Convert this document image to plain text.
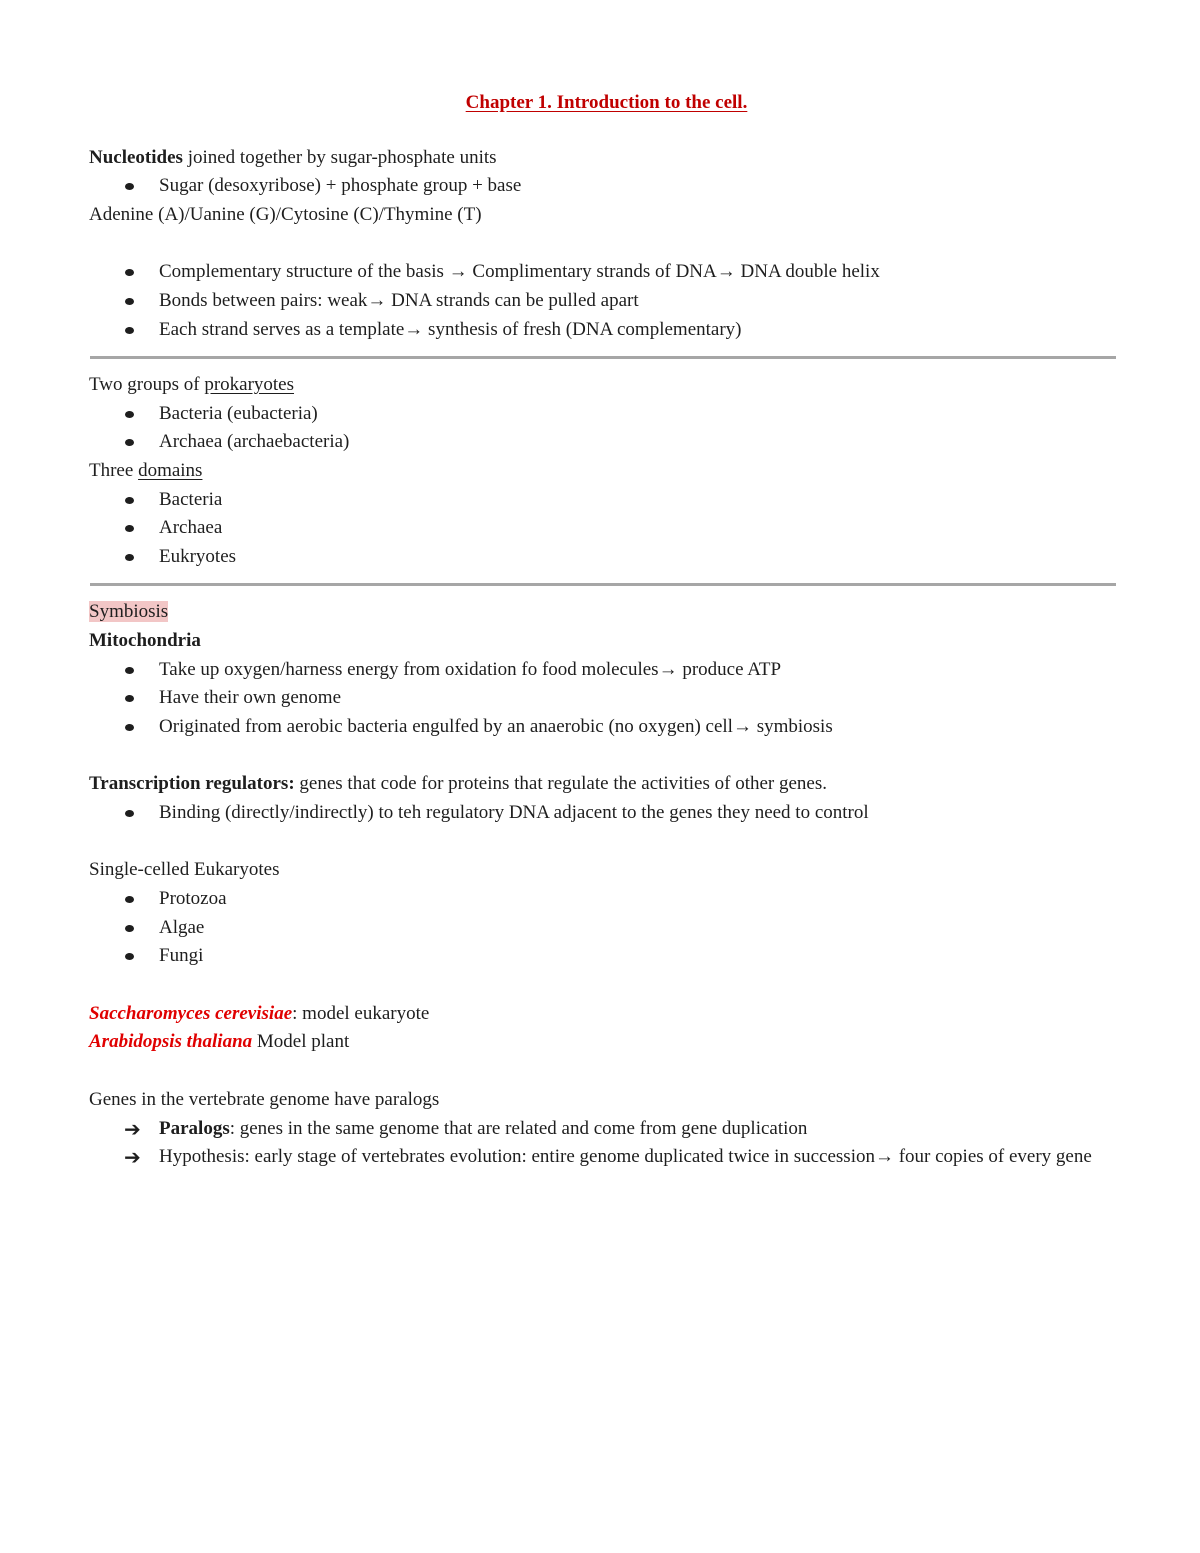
Chapter 1. Introduction to the cell.

Nucleotides joined together by sugar-phosphate units

Sugar (desoxyribose) + phosphate group + base

Adenine (A)/Uanine (G)/Cytosine (C)/Thymine (T)

Complementary structure of the basis → Complimentary strands of DNA→ DNA double helix
Bonds between pairs: weak→ DNA strands can be pulled apart
Each strand serves as a template→ synthesis of fresh (DNA complementary)

Two groups of prokaryotes

Bacteria (eubacteria)
Archaea (archaebacteria)

Three domains

Bacteria
Archaea
Eukryotes

Symbiosis

Mitochondria

Take up oxygen/harness energy from oxidation fo food molecules→ produce ATP
Have their own genome
Originated from aerobic bacteria engulfed by an anaerobic (no oxygen) cell→ symbiosis

Transcription regulators: genes that code for proteins that regulate the activities of other genes.

Binding (directly/indirectly) to teh regulatory DNA adjacent to the genes they need to control

Single-celled Eukaryotes

Protozoa
Algae
Fungi

Saccharomyces cerevisiae: model eukaryote

Arabidopsis thaliana Model plant

Genes in the vertebrate genome have paralogs

➔ Paralogs: genes in the same genome that are related and come from gene duplication
➔ Hypothesis: early stage of vertebrates evolution: entire genome duplicated twice in succession→ four copies of every gene
